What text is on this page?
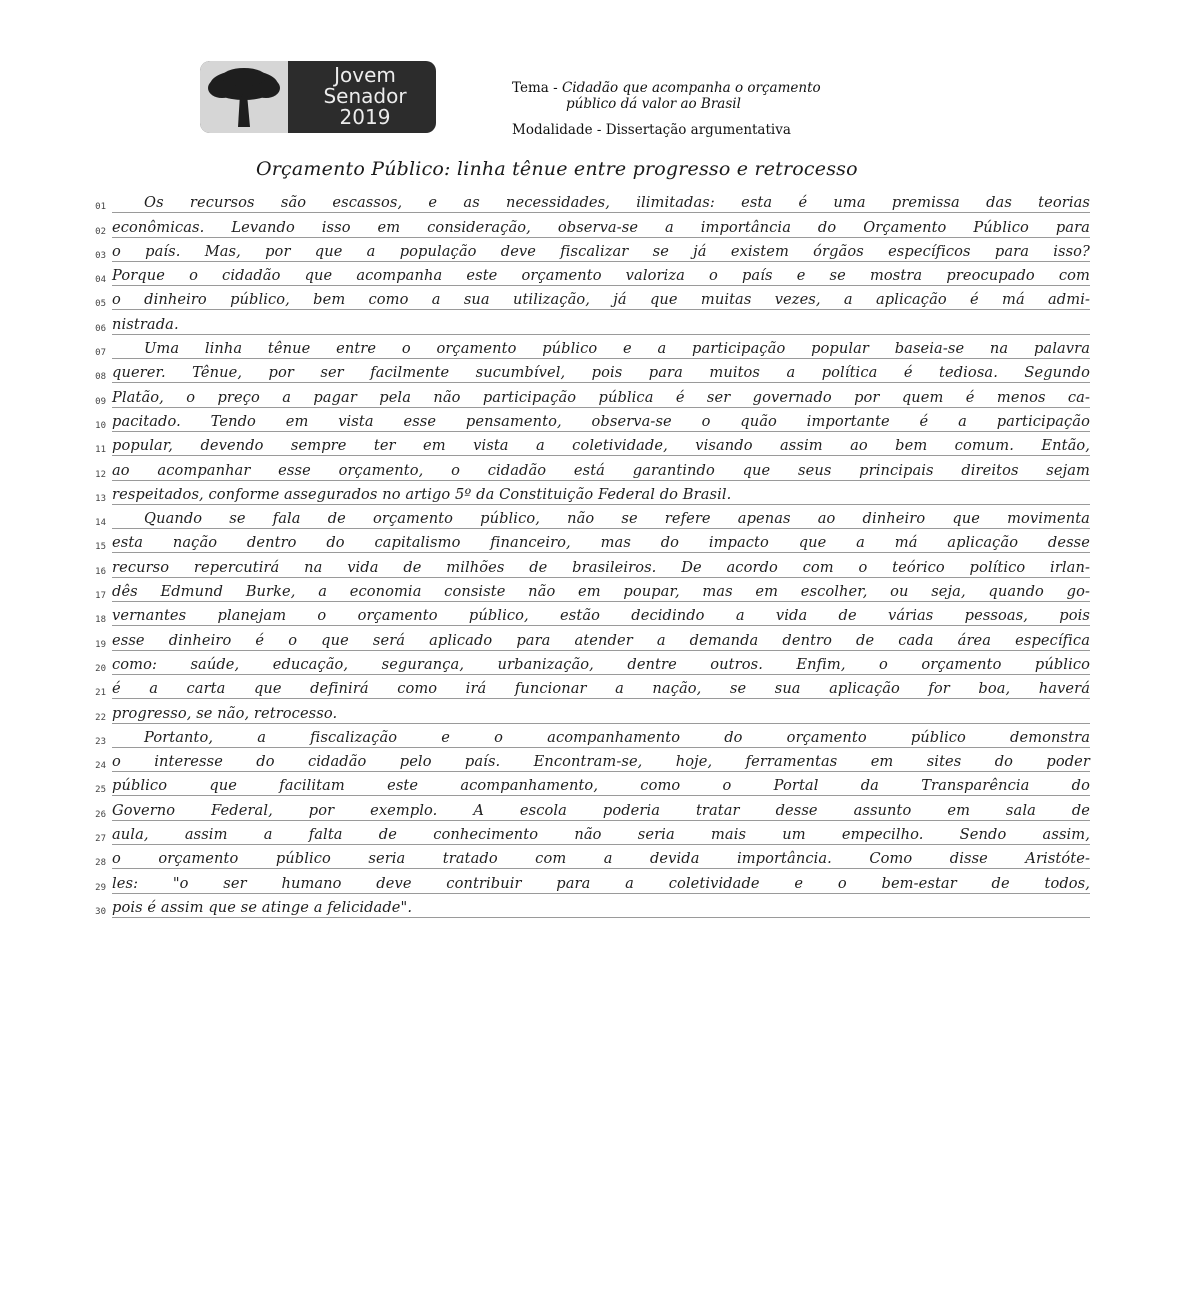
Jovem
Senador
2019
Tema - Cidadão que acompanha o orçamento
público dá valor ao Brasil
Modalidade - Dissertação argumentativa
Orçamento Público: linha tênue entre progresso e retrocesso
01	Os recursos são escassos, e as necessidades, ilimitadas: esta é uma premissa das teorias
02 econômicas. Levando isso em consideração, observa-se a importância do Orçamento Público para
03 o país. Mas, por que a população deve fiscalizar se já existem órgãos específicos para isso?
04 Porque o cidadão que acompanha este orçamento valoriza o país e se mostra preocupado com
05 o dinheiro público, bem como a sua utilização, já que muitas vezes, a aplicação é má admi-
06 nistrada.
07	Uma linha tênue entre o orçamento público e a participação popular baseia-se na palavra
08 querer. Tênue, por ser facilmente sucumbível, pois para muitos a política é tediosa. Segundo
09 Platão, o preço a pagar pela não participação pública é ser governado por quem é menos ca-
10 pacitado. Tendo em vista esse pensamento, observa-se o quão importante é a participação
11 popular, devendo sempre ter em vista a coletividade, visando assim ao bem comum. Então,
12 ao acompanhar esse orçamento, o cidadão está garantindo que seus principais direitos sejam
13 respeitados, conforme assegurados no artigo 5º da Constituição Federal do Brasil.
14	Quando se fala de orçamento público, não se refere apenas ao dinheiro que movimenta
15 esta nação dentro do capitalismo financeiro, mas do impacto que a má aplicação desse
16 recurso repercutirá na vida de milhões de brasileiros. De acordo com o teórico político irlan-
17 dês Edmund Burke, a economia consiste não em poupar, mas em escolher, ou seja, quando go-
18 vernantes planejam o orçamento público, estão decidindo a vida de várias pessoas, pois
19 esse dinheiro é o que será aplicado para atender a demanda dentro de cada área específica
20 como: saúde, educação, segurança, urbanização, dentre outros. Enfim, o orçamento público
21 é a carta que definirá como irá funcionar a nação, se sua aplicação for boa, haverá
22 progresso, se não, retrocesso.
23	Portanto, a fiscalização e o acompanhamento do orçamento público demonstra
24 o interesse do cidadão pelo país. Encontram-se, hoje, ferramentas em sites do poder
25 público que facilitam este acompanhamento, como o Portal da Transparência do
26 Governo Federal, por exemplo. A escola poderia tratar desse assunto em sala de
27 aula, assim a falta de conhecimento não seria mais um empecilho. Sendo assim,
28 o orçamento público seria tratado com a devida importância. Como disse Aristóte-
29 les: "o ser humano deve contribuir para a coletividade e o bem-estar de todos,
30 pois é assim que se atinge a felicidade".
